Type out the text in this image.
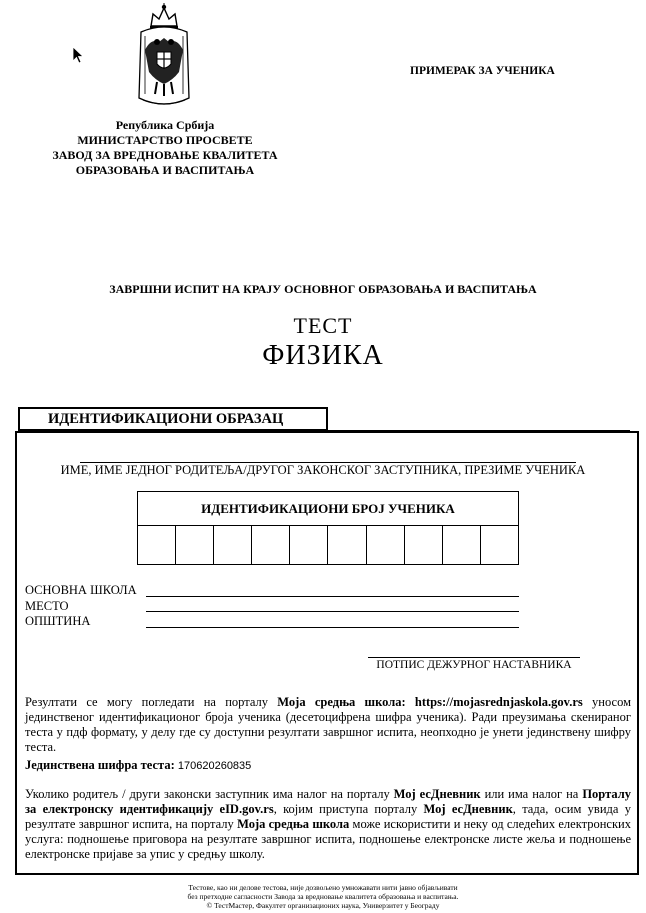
Република Србија
МИНИСТАРСТВО ПРОСВЕТЕ
ЗАВОД ЗА ВРЕДНОВАЊЕ КВАЛИТЕТА
ОБРАЗОВАЊА И ВАСПИТАЊА
ПРИМЕРАК ЗА УЧЕНИКА
ЗАВРШНИ ИСПИТ НА КРАЈУ ОСНОВНОГ ОБРАЗОВАЊА И ВАСПИТАЊА
ТЕСТ
ФИЗИКА
ИДЕНТИФИКАЦИОНИ ОБРАЗАЦ
ИМЕ, ИМЕ ЈЕДНОГ РОДИТЕЉА/ДРУГОГ ЗАКОНСКОГ ЗАСТУПНИКА, ПРЕЗИМЕ УЧЕНИКА
ИДЕНТИФИКАЦИОНИ БРОЈ УЧЕНИКА
ОСНОВНА ШКОЛА
МЕСТО
ОПШТИНА
ПОТПИС ДЕЖУРНОГ НАСТАВНИКА
Резултати се могу погледати на порталу Моја средња школа: https://mojasrednjaskola.gov.rs уносом јединственог идентификационог броја ученика (десетоцифрена шифра ученика). Ради преузимања скенираног теста у пдф формату, у делу где су доступни резултати завршног испита, неопходно је унети јединствену шифру теста.
Јединствена шифра теста: 170620260835
Уколико родитељ / други законски заступник има налог на порталу Мој есДневник или има налог на Порталу за електронску идентификацију eID.gov.rs, којим приступа порталу Мој есДневник, тада, осим увида у резултате завршног испита, на порталу Моја средња школа може искористити и неку од следећих електронских услуга: подношење приговора на резултате завршног испита, подношење електронске листе жеља и подношење електронске пријаве за упис у средњу школу.
Тестове, као ни делове тестова, није дозвољено умножавати нити јавно објављивати
без претходне сагласности Завода за вредновање квалитета образовања и васпитања.
© ТестМастер, Факултет организационих наука, Универзитет у Београду
